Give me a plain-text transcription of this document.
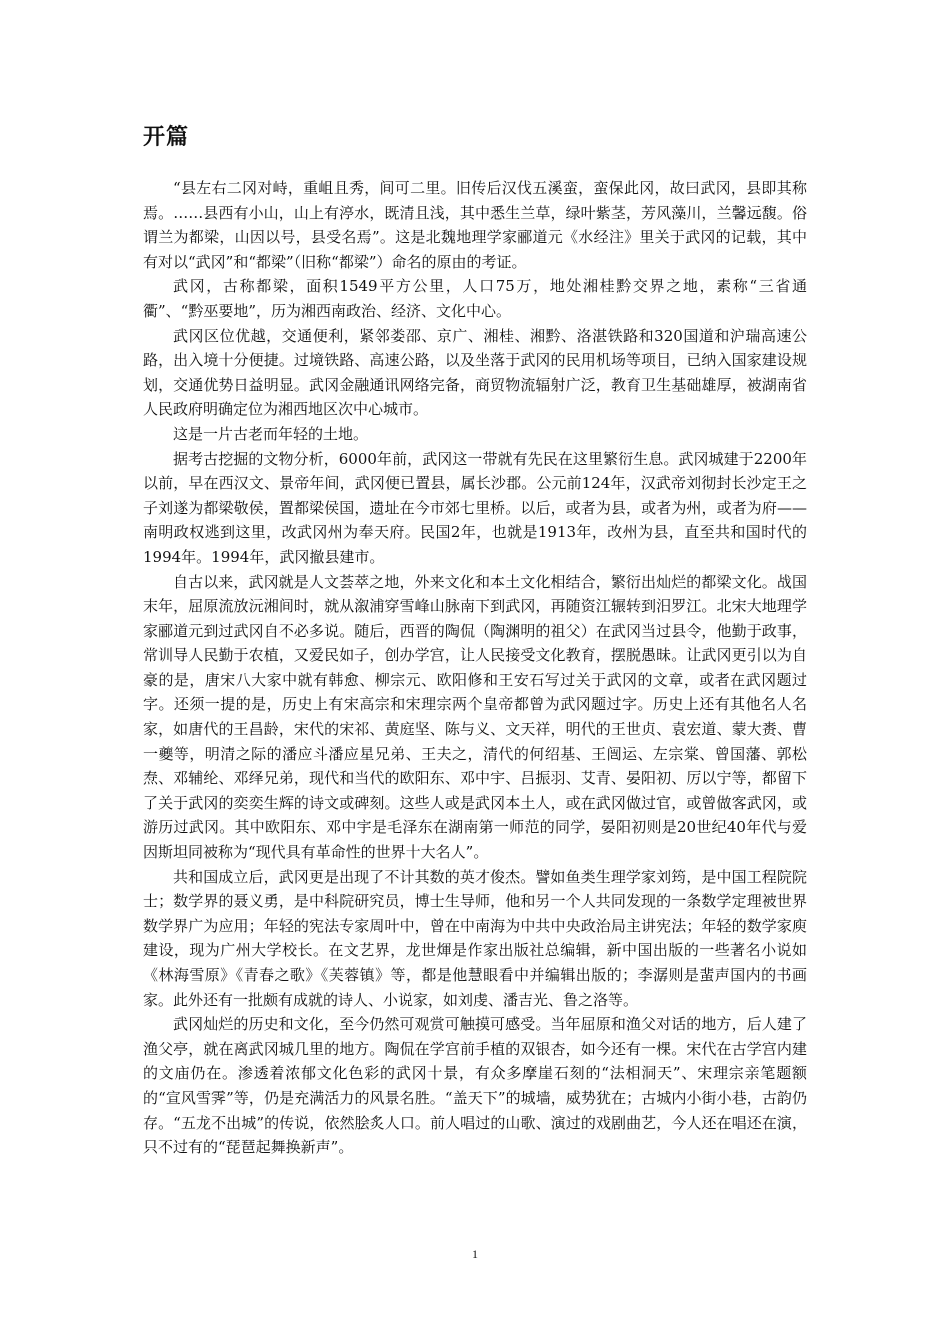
开篇

“县左右二冈对峙，重岨且秀，间可二里。旧传后汉伐五溪蛮，蛮保此冈，故曰武冈，县即其称焉。……县西有小山，山上有渟水，既清且浅，其中悉生兰草，绿叶紫茎，芳风藻川，兰馨远馥。俗谓兰为都梁，山因以号，县受名焉”。这是北魏地理学家郦道元《水经注》里关于武冈的记载，其中有对以“武冈”和“都梁”（旧称“都梁”）命名的原由的考证。

武冈，古称都梁，面积1549平方公里，人口75万，地处湘桂黔交界之地，素称“三省通衢”、“黔巫要地”，历为湘西南政治、经济、文化中心。

武冈区位优越，交通便利，紧邻娄邵、京广、湘桂、湘黔、洛湛铁路和320国道和沪瑞高速公路，出入境十分便捷。过境铁路、高速公路，以及坐落于武冈的民用机场等项目，已纳入国家建设规划，交通优势日益明显。武冈金融通讯网络完备，商贸物流辐射广泛，教育卫生基础雄厚，被湖南省人民政府明确定位为湘西地区次中心城市。

这是一片古老而年轻的土地。

据考古挖掘的文物分析，6000年前，武冈这一带就有先民在这里繁衍生息。武冈城建于2200年以前，早在西汉文、景帝年间，武冈便已置县，属长沙郡。公元前124年，汉武帝刘彻封长沙定王之子刘遂为都梁敬侯，置都梁侯国，遗址在今市郊七里桥。以后，或者为县，或者为州，或者为府——南明政权逃到这里，改武冈州为奉天府。民国2年，也就是1913年，改州为县，直至共和国时代的1994年。1994年，武冈撤县建市。

自古以来，武冈就是人文荟萃之地，外来文化和本土文化相结合，繁衍出灿烂的都梁文化。战国末年，屈原流放沅湘间时，就从溆浦穿雪峰山脉南下到武冈，再随资江辗转到汨罗江。北宋大地理学家郦道元到过武冈自不必多说。随后，西晋的陶侃（陶渊明的祖父）在武冈当过县令，他勤于政事，常训导人民勤于农植，又爱民如子，创办学宫，让人民接受文化教育，摆脱愚昧。让武冈更引以为自豪的是，唐宋八大家中就有韩愈、柳宗元、欧阳修和王安石写过关于武冈的文章，或者在武冈题过字。还须一提的是，历史上有宋高宗和宋理宗两个皇帝都曾为武冈题过字。历史上还有其他名人名家，如唐代的王昌龄，宋代的宋祁、黄庭坚、陈与义、文天祥，明代的王世贞、袁宏道、蒙大赉、曹一夔等，明清之际的潘应斗潘应星兄弟、王夫之，清代的何绍基、王闿运、左宗棠、曾国藩、郭松焘、邓辅纶、邓绎兄弟，现代和当代的欧阳东、邓中宇、吕振羽、艾青、晏阳初、厉以宁等，都留下了关于武冈的奕奕生辉的诗文或碑刻。这些人或是武冈本土人，或在武冈做过官，或曾做客武冈，或游历过武冈。其中欧阳东、邓中宇是毛泽东在湖南第一师范的同学，晏阳初则是20世纪40年代与爱因斯坦同被称为“现代具有革命性的世界十大名人”。

共和国成立后，武冈更是出现了不计其数的英才俊杰。譬如鱼类生理学家刘筠，是中国工程院院士；数学界的聂义勇，是中科院研究员，博士生导师，他和另一个人共同发现的一条数学定理被世界数学界广为应用；年轻的宪法专家周叶中，曾在中南海为中共中央政治局主讲宪法；年轻的数学家庾建设，现为广州大学校长。在文艺界，龙世煇是作家出版社总编辑，新中国出版的一些著名小说如《林海雪原》《青春之歌》《芙蓉镇》等，都是他慧眼看中并编辑出版的；李潺则是蜚声国内的书画家。此外还有一批颇有成就的诗人、小说家，如刘虔、潘吉光、鲁之洛等。

武冈灿烂的历史和文化，至今仍然可观赏可触摸可感受。当年屈原和渔父对话的地方，后人建了渔父亭，就在离武冈城几里的地方。陶侃在学宫前手植的双银杏，如今还有一棵。宋代在古学宫内建的文庙仍在。渗透着浓郁文化色彩的武冈十景，有众多摩崖石刻的“法相洞天”、宋理宗亲笔题额的“宣风雪霁”等，仍是充满活力的风景名胜。“盖天下”的城墙，威势犹在；古城内小街小巷，古韵仍存。“五龙不出城”的传说，依然脍炙人口。前人唱过的山歌、演过的戏剧曲艺，今人还在唱还在演，只不过有的“琵琶起舞换新声”。

1
